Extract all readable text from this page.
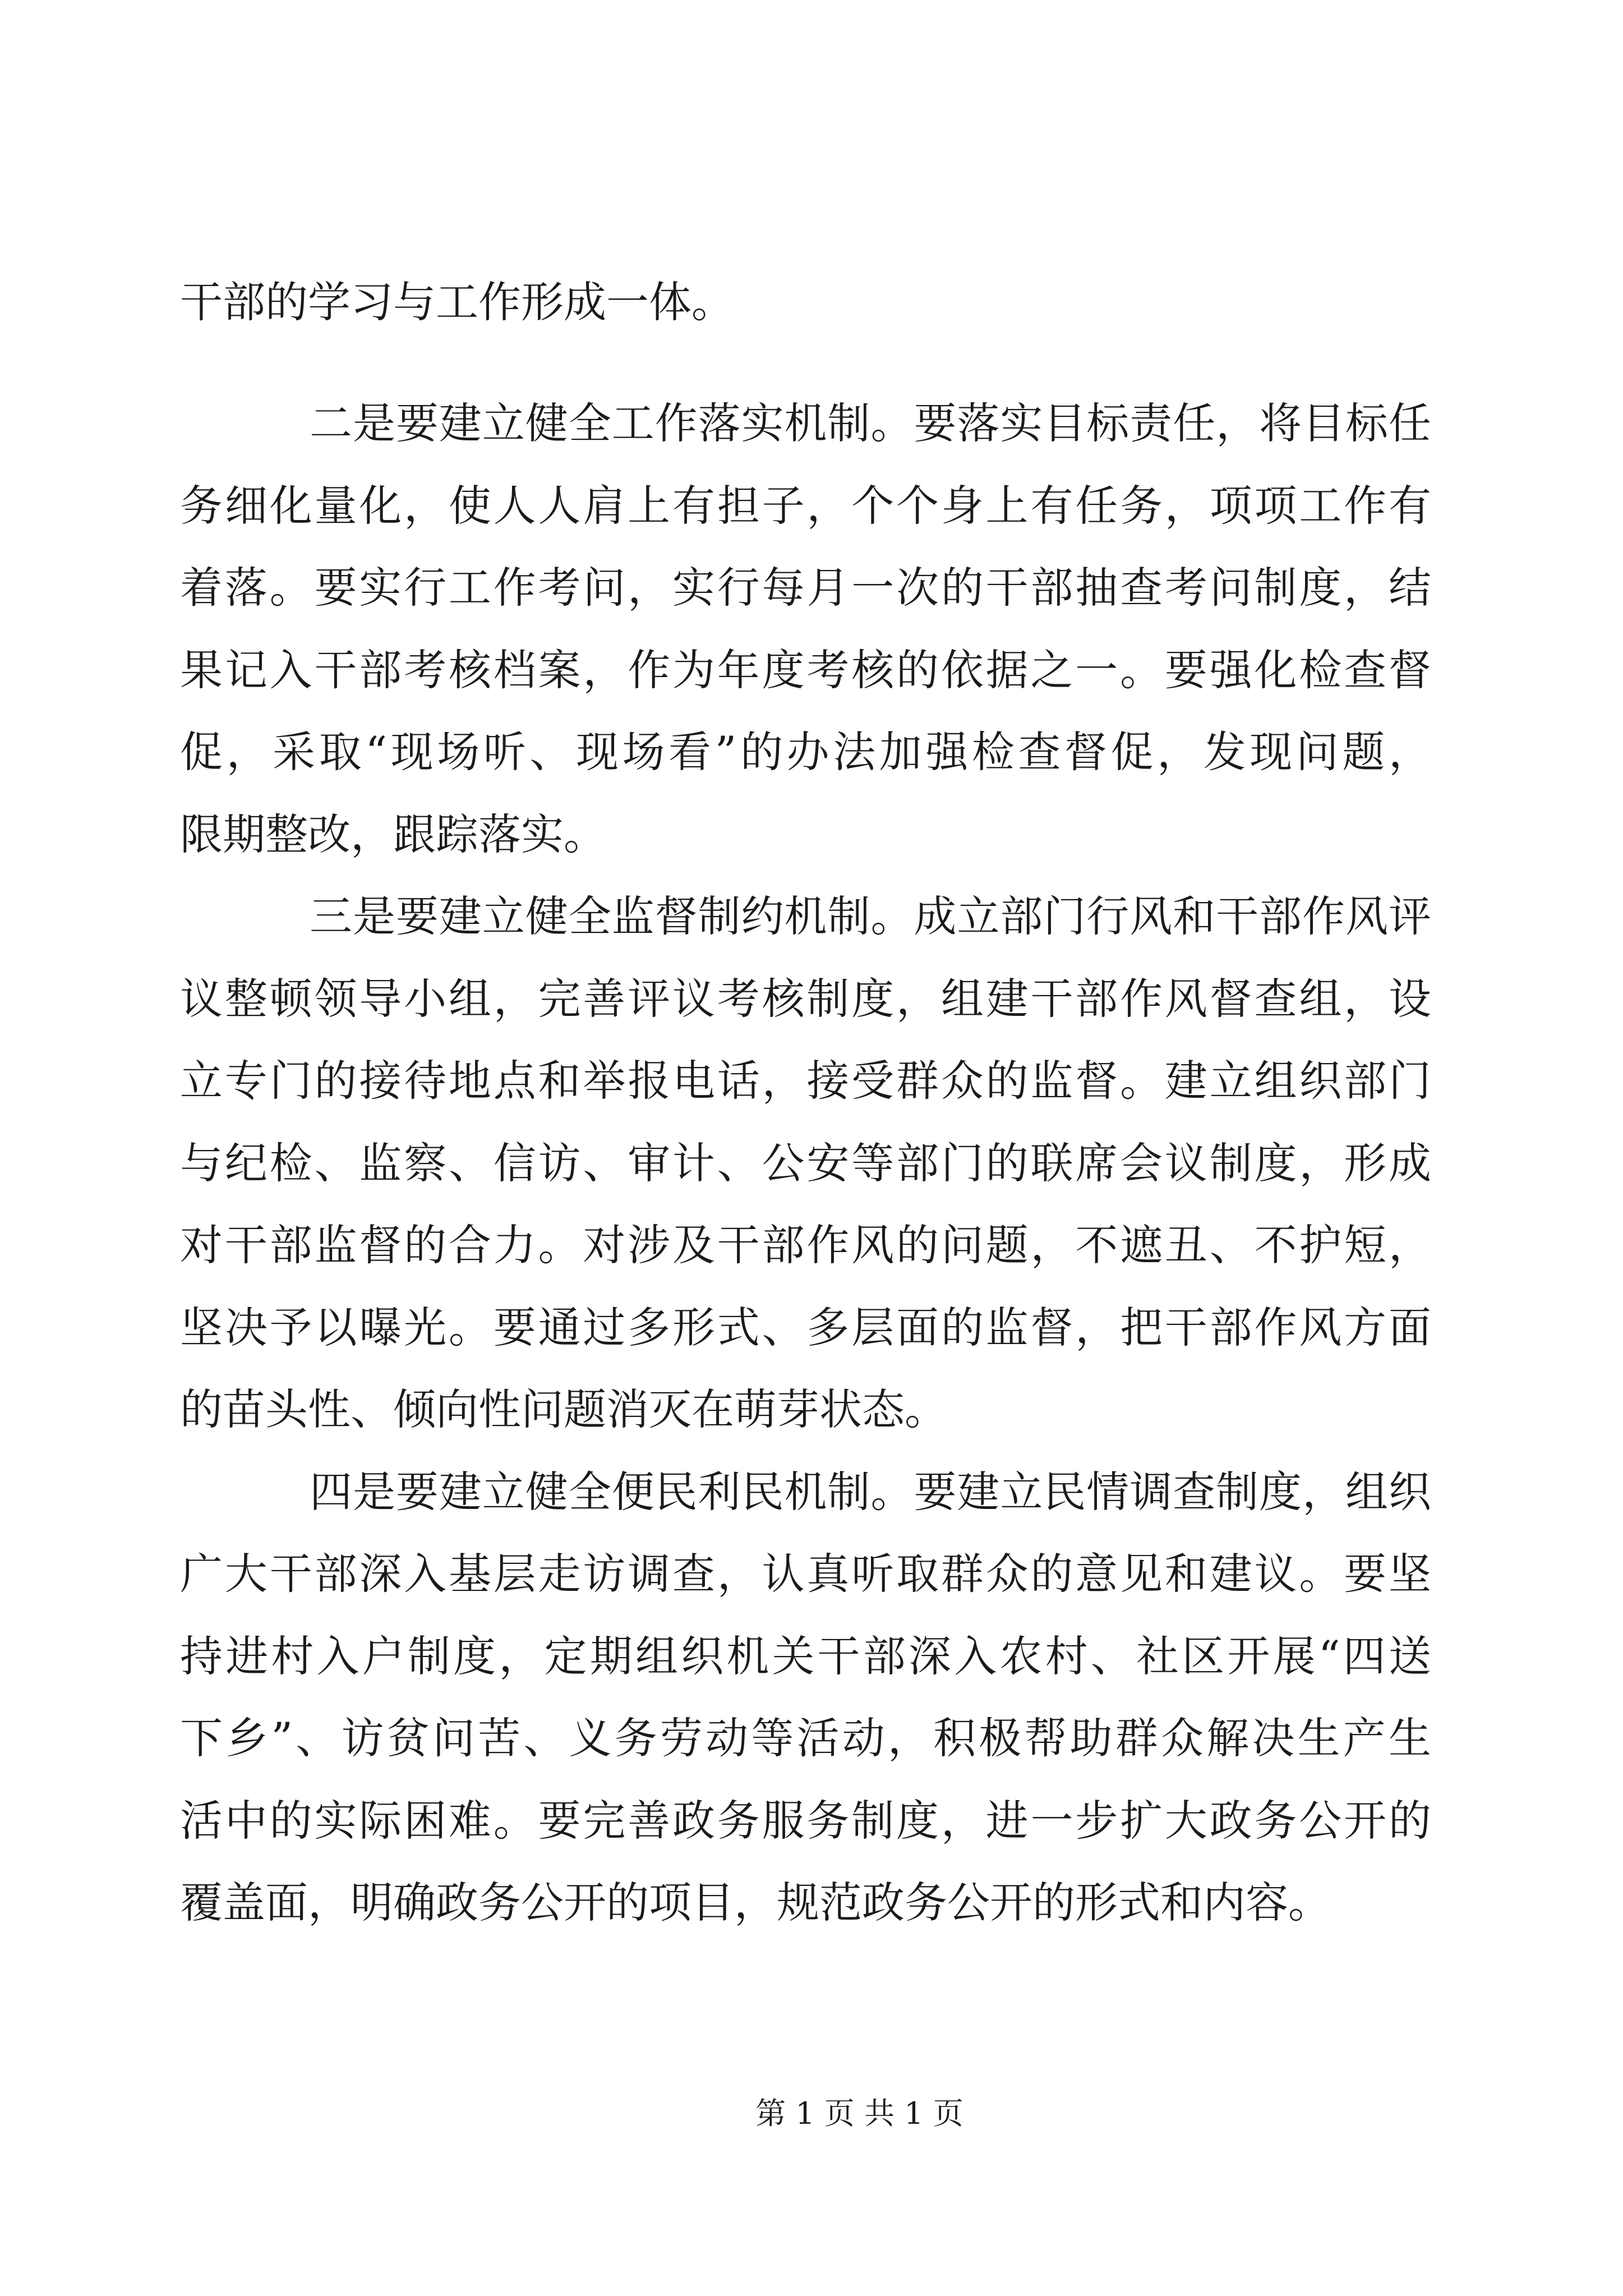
干部的学习与工作形成一体。
二是要建立健全工作落实机制。要落实目标责任，将目标任
务细化量化，使人人肩上有担子，个个身上有任务，项项工作有
着落。要实行工作考问，实行每月一次的干部抽查考问制度，结
果记入干部考核档案，作为年度考核的依据之一。要强化检查督
促，采取“现场听、现场看”的办法加强检查督促，发现问题，
限期整改，跟踪落实。
三是要建立健全监督制约机制。成立部门行风和干部作风评
议整顿领导小组，完善评议考核制度，组建干部作风督查组，设
立专门的接待地点和举报电话，接受群众的监督。建立组织部门
与纪检、监察、信访、审计、公安等部门的联席会议制度，形成
对干部监督的合力。对涉及干部作风的问题，不遮丑、不护短，
坚决予以曝光。要通过多形式、多层面的监督，把干部作风方面
的苗头性、倾向性问题消灭在萌芽状态。
四是要建立健全便民利民机制。要建立民情调查制度，组织
广大干部深入基层走访调查，认真听取群众的意见和建议。要坚
持进村入户制度，定期组织机关干部深入农村、社区开展“四送
下乡”、访贫问苦、义务劳动等活动，积极帮助群众解决生产生
活中的实际困难。要完善政务服务制度，进一步扩大政务公开的
覆盖面，明确政务公开的项目，规范政务公开的形式和内容。
第 1 页 共 1 页
